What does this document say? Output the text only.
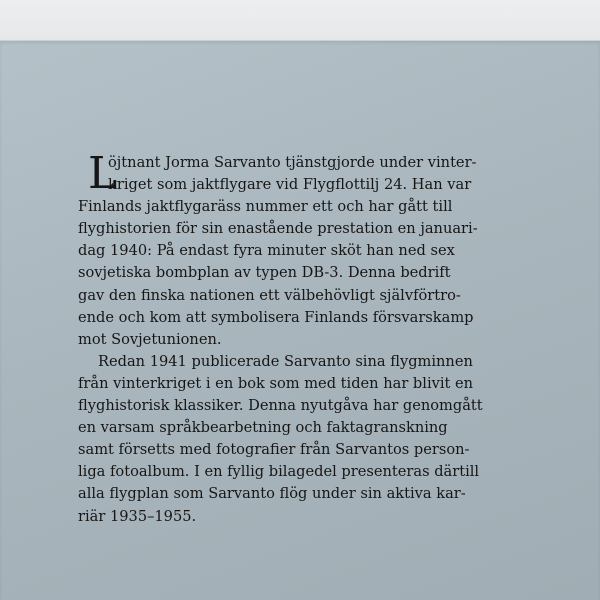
L
öjtnant Jorma Sarvanto tjänstgjorde under vinter-
kriget som jaktflygare vid Flygflottilj 24. Han var
Finlands jaktflygaräss nummer ett och har gått till
flyghistorien för sin enastående prestation en januari-
dag 1940: På endast fyra minuter sköt han ned sex
sovjetiska bombplan av typen DB-3. Denna bedrift
gav den finska nationen ett välbehövligt självförtro-
ende och kom att symbolisera Finlands försvarskamp
mot Sovjetunionen.
Redan 1941 publicerade Sarvanto sina flygminnen
från vinterkriget i en bok som med tiden har blivit en
flyghistorisk klassiker. Denna nyutgåva har genomgått
en varsam språkbearbetning och faktagranskning
samt försetts med fotografier från Sarvantos person-
liga fotoalbum. I en fyllig bilagedel presenteras därtill
alla flygplan som Sarvanto flög under sin aktiva kar-
riär 1935–1955.
